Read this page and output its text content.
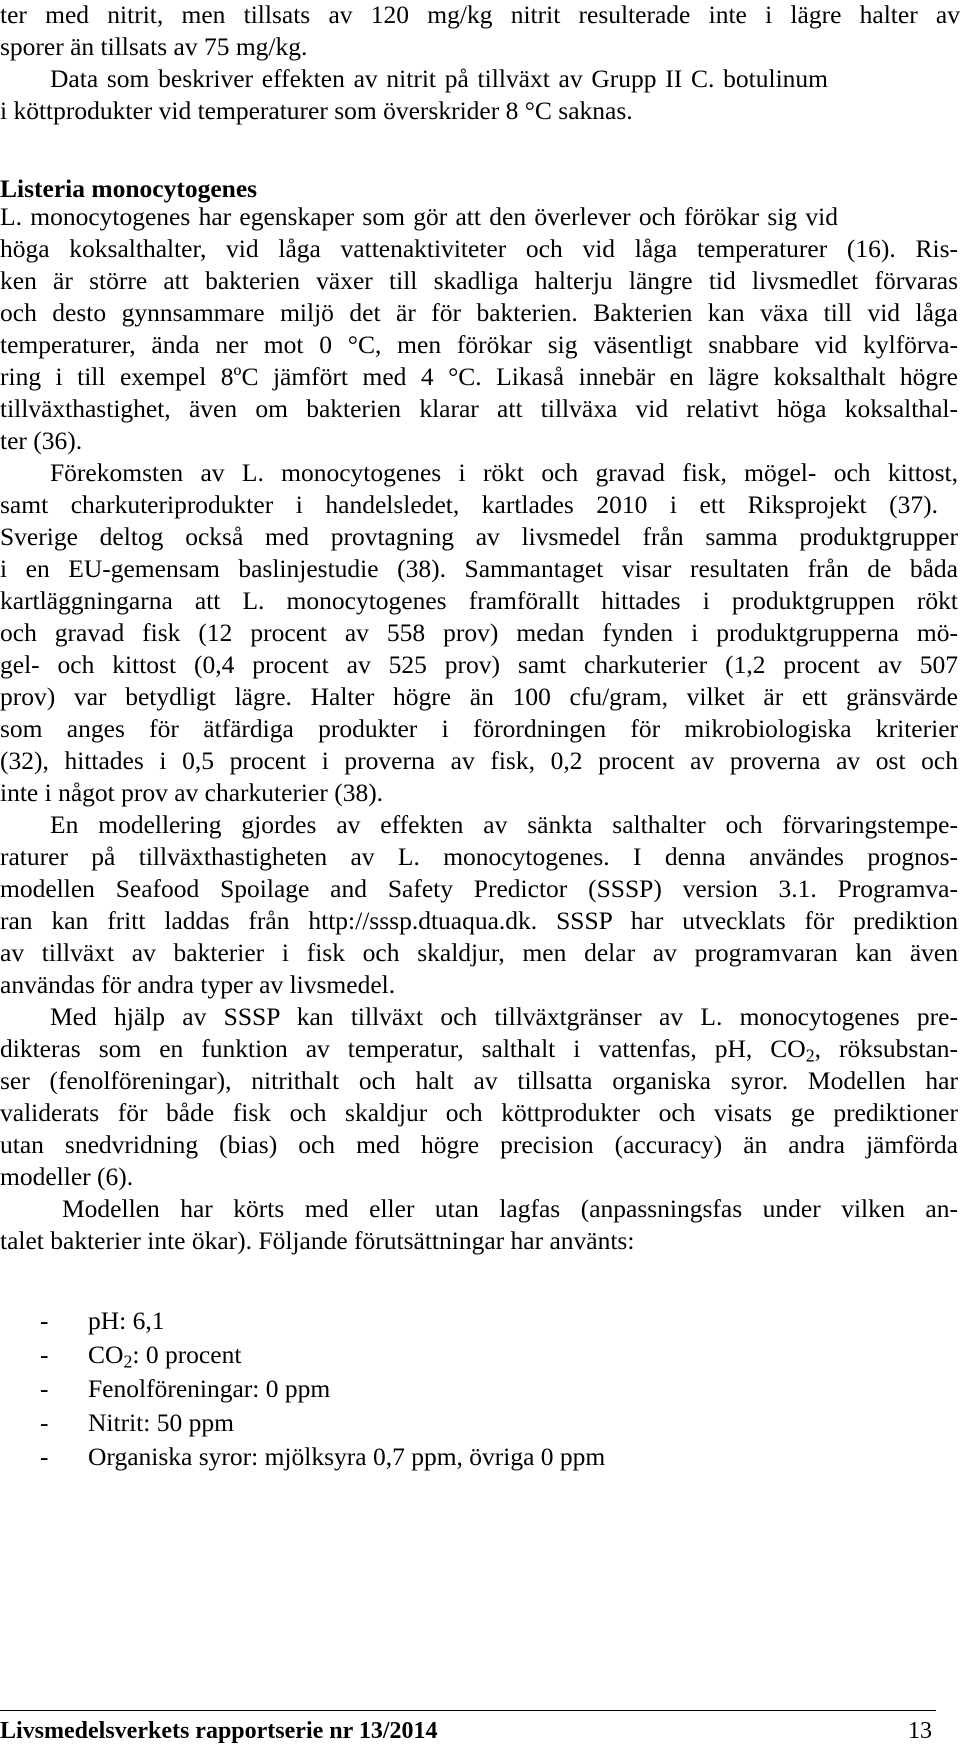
ter med nitrit, men tillsats av 120 mg/kg nitrit resulterade inte i lägre halter av
sporer än tillsats av 75 mg/kg.
Data som beskriver effekten av nitrit på tillväxt av Grupp II C. botulinum
i köttprodukter vid temperaturer som överskrider 8 °C saknas.
Listeria monocytogenes
L. monocytogenes har egenskaper som gör att den överlever och förökar sig vid
höga koksalthalter, vid låga vattenaktiviteter och vid låga temperaturer (16). Ris-
ken är större att bakterien växer till skadliga halterju längre tid livsmedlet förvaras
och desto gynnsammare miljö det är för bakterien. Bakterien kan växa till vid låga
temperaturer, ända ner mot 0 °C, men förökar sig väsentligt snabbare vid kylförva-
ring i till exempel 8ºC jämfört med 4 °C. Likaså innebär en lägre koksalthalt högre
tillväxthastighet, även om bakterien klarar att tillväxa vid relativt höga koksalthal-
ter (36).
Förekomsten av L. monocytogenes i rökt och gravad fisk, mögel- och kittost,
samt charkuteriprodukter i handelsledet, kartlades 2010 i ett Riksprojekt (37).
Sverige deltog också med provtagning av livsmedel från samma produktgrupper
i en EU-gemensam baslinjestudie (38). Sammantaget visar resultaten från de båda
kartläggningarna att L. monocytogenes framförallt hittades i produktgruppen rökt
och gravad fisk (12 procent av 558 prov) medan fynden i produktgrupperna mö-
gel- och kittost (0,4 procent av 525 prov) samt charkuterier (1,2 procent av 507
prov) var betydligt lägre. Halter högre än 100 cfu/gram, vilket är ett gränsvärde
som anges för ätfärdiga produkter i förordningen för mikrobiologiska kriterier
(32), hittades i 0,5 procent i proverna av fisk, 0,2 procent av proverna av ost och
inte i något prov av charkuterier (38).
En modellering gjordes av effekten av sänkta salthalter och förvaringstempe-
raturer på tillväxthastigheten av L. monocytogenes. I denna användes prognos-
modellen Seafood Spoilage and Safety Predictor (SSSP) version 3.1. Programva-
ran kan fritt laddas från http://sssp.dtuaqua.dk. SSSP har utvecklats för prediktion
av tillväxt av bakterier i fisk och skaldjur, men delar av programvaran kan även
användas för andra typer av livsmedel.
Med hjälp av SSSP kan tillväxt och tillväxtgränser av L. monocytogenes pre-
dikteras som en funktion av temperatur, salthalt i vattenfas, pH, $CO_2$, röksubstan-
ser (fenolföreningar), nitrithalt och halt av tillsatta organiska syror. Modellen har
validerats för både fisk och skaldjur och köttprodukter och visats ge prediktioner
utan snedvridning (bias) och med högre precision (accuracy) än andra jämförda
modeller (6).
Modellen har körts med eller utan lagfas (anpassningsfas under vilken an-
talet bakterier inte ökar). Följande förutsättningar har använts:
- pH: 6,1
- $CO_2$: 0 procent
- Fenolföreningar: 0 ppm
- Nitrit: 50 ppm
- Organiska syror: mjölksyra 0,7 ppm, övriga 0 ppm
Livsmedelsverkets rapportserie nr 13/2014	13
